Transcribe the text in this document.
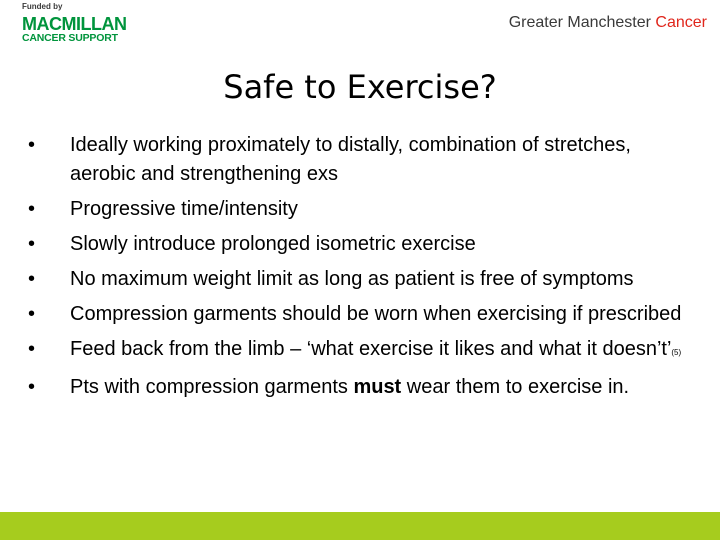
Funded by
MACMILLAN
CANCER SUPPORT
Greater Manchester Cancer
Safe to Exercise?
• Ideally working proximately to distally, combination of stretches, aerobic and strengthening exs
• Progressive time/intensity
• Slowly introduce prolonged isometric exercise
• No maximum weight limit as long as patient is free of symptoms
• Compression garments should be worn when exercising if prescribed
• Feed back from the limb – ‘what exercise it likes and what it doesn’t’(5)
• Pts with compression garments must wear them to exercise in.
